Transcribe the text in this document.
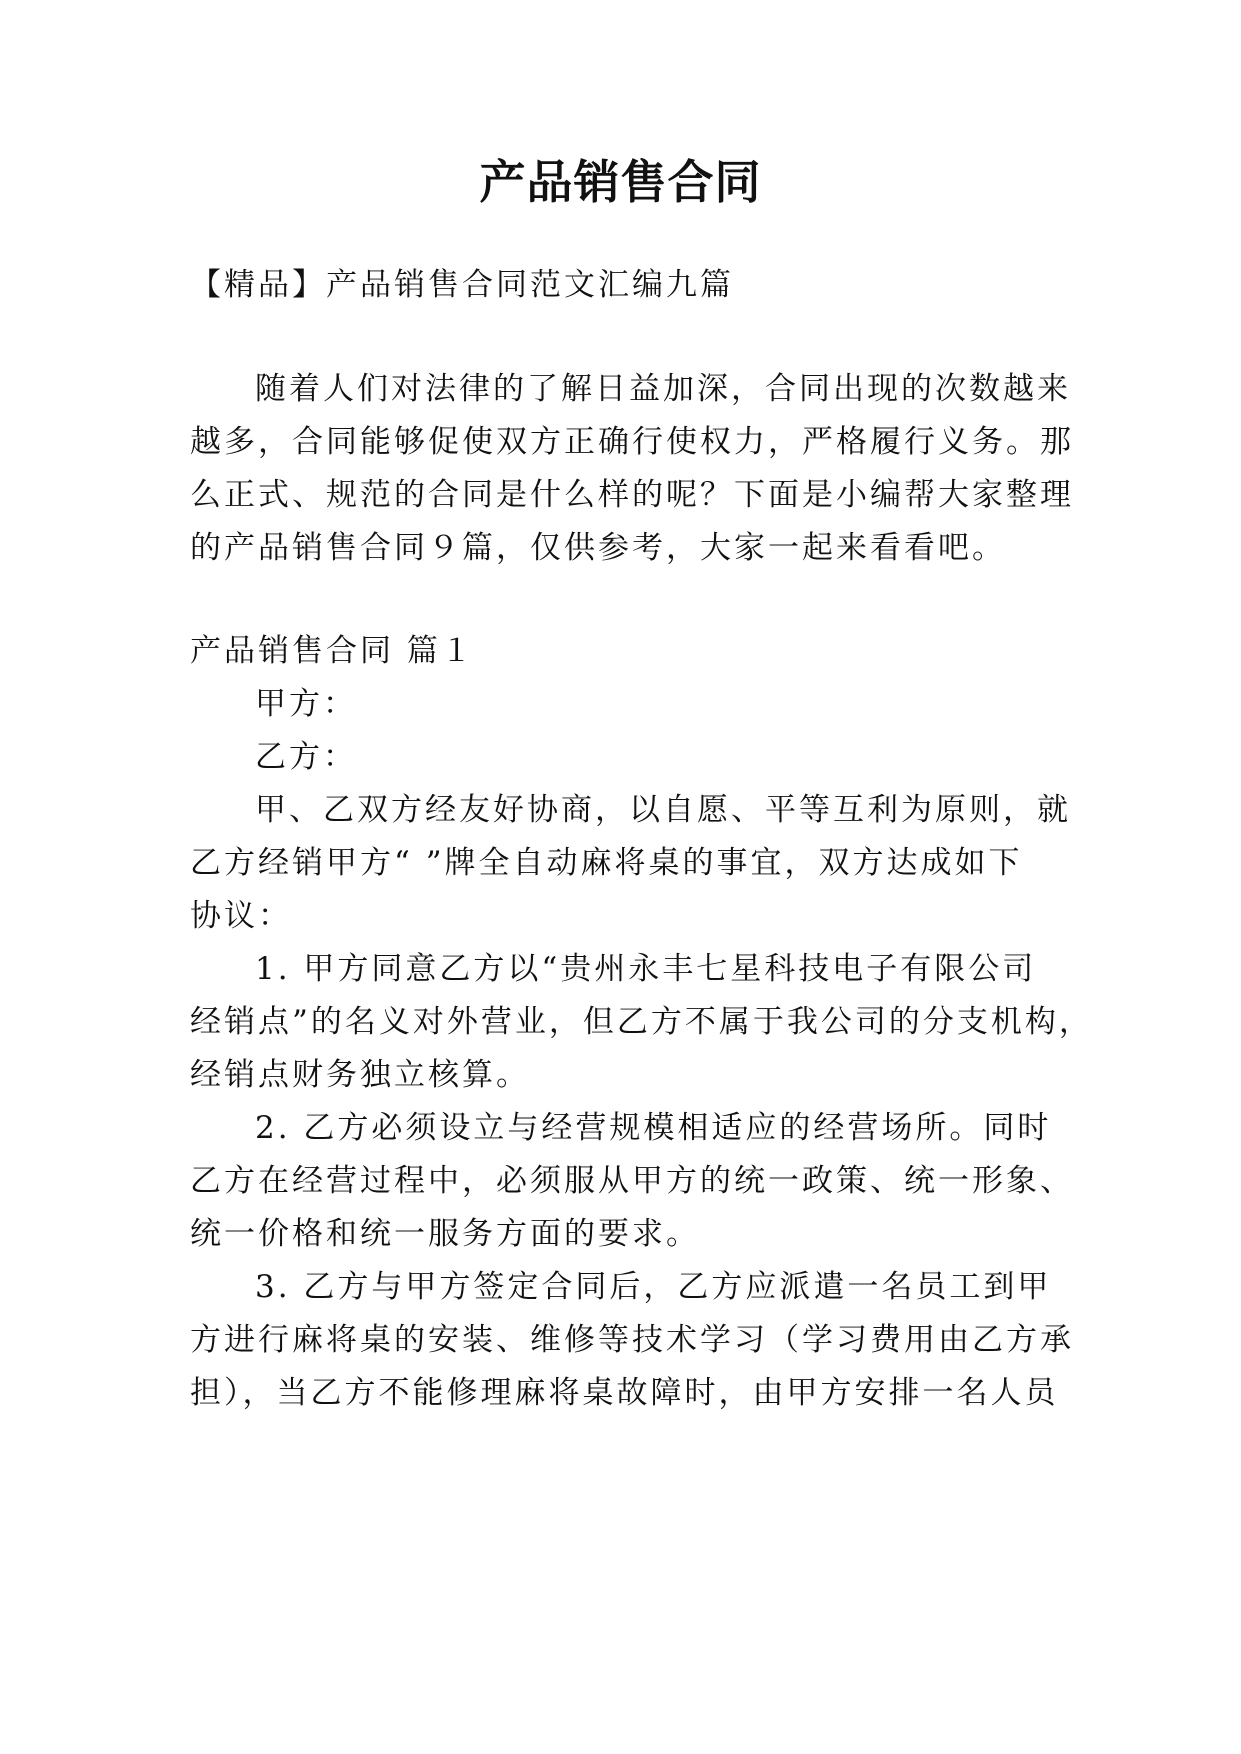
产品销售合同
【精品】产品销售合同范文汇编九篇
随着人们对法律的了解日益加深，合同出现的次数越来
越多，合同能够促使双方正确行使权力，严格履行义务。那
么正式、规范的合同是什么样的呢？下面是小编帮大家整理
的产品销售合同９篇，仅供参考，大家一起来看看吧。
产品销售合同 篇１
甲方：
乙方：
甲、乙双方经友好协商，以自愿、平等互利为原则，就
乙方经销甲方“ ”牌全自动麻将桌的事宜，双方达成如下
协议：
1. 甲方同意乙方以“贵州永丰七星科技电子有限公司
经销点”的名义对外营业，但乙方不属于我公司的分支机构，
经销点财务独立核算。
2. 乙方必须设立与经营规模相适应的经营场所。同时
乙方在经营过程中，必须服从甲方的统一政策、统一形象、
统一价格和统一服务方面的要求。
3. 乙方与甲方签定合同后，乙方应派遣一名员工到甲
方进行麻将桌的安装、维修等技术学习（学习费用由乙方承
担），当乙方不能修理麻将桌故障时，由甲方安排一名人员
